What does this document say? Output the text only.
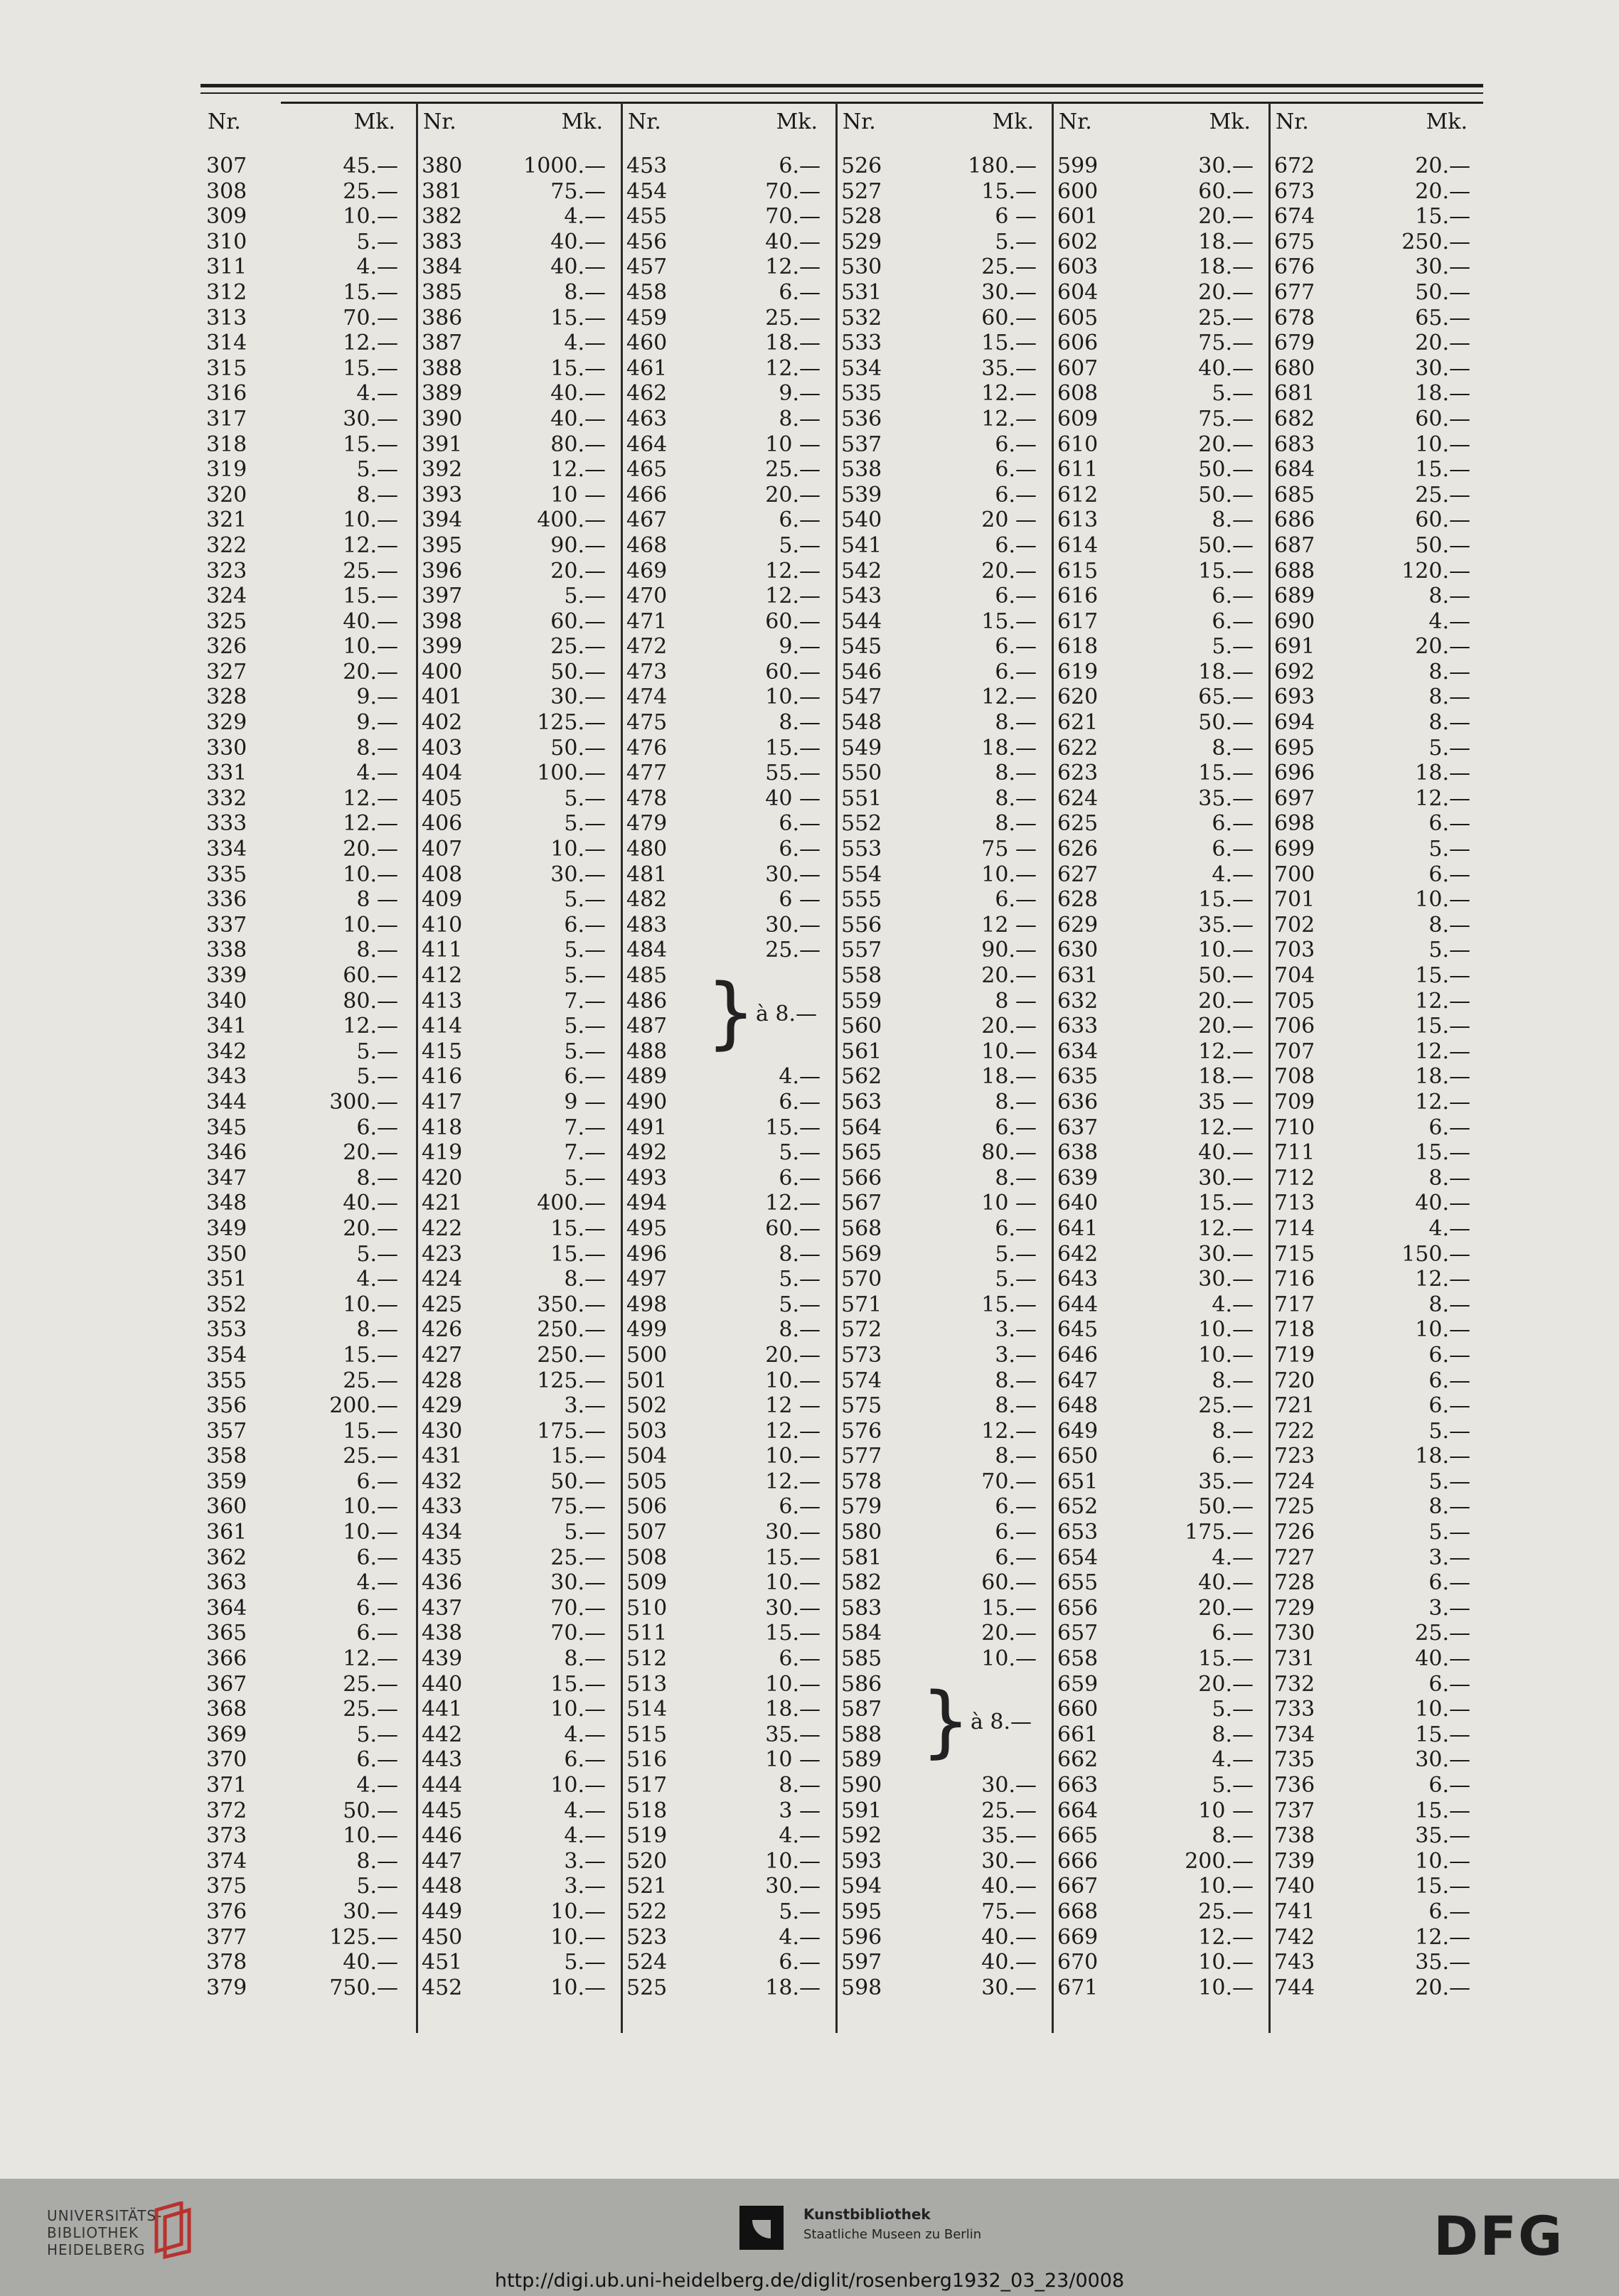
Nr.	Mk.
307	45.—
308	25.—
309	10.—
310	5.—
311	4.—
312	15.—
313	70.—
314	12.—
315	15.—
316	4.—
317	30.—
318	15.—
319	5.—
320	8.—
321	10.—
322	12.—
323	25.—
324	15.—
325	40.—
326	10.—
327	20.—
328	9.—
329	9.—
330	8.—
331	4.—
332	12.—
333	12.—
334	20.—
335	10.—
336	8 —
337	10.—
338	8.—
339	60.—
340	80.—
341	12.—
342	5.—
343	5.—
344	300.—
345	6.—
346	20.—
347	8.—
348	40.—
349	20.—
350	5.—
351	4.—
352	10.—
353	8.—
354	15.—
355	25.—
356	200.—
357	15.—
358	25.—
359	6.—
360	10.—
361	10.—
362	6.—
363	4.—
364	6.—
365	6.—
366	12.—
367	25.—
368	25.—
369	5.—
370	6.—
371	4.—
372	50.—
373	10.—
374	8.—
375	5.—
376	30.—
377	125.—
378	40.—
379	750.—
Nr.	Mk.
380	1000.—
381	75.—
382	4.—
383	40.—
384	40.—
385	8.—
386	15.—
387	4.—
388	15.—
389	40.—
390	40.—
391	80.—
392	12.—
393	10 —
394	400.—
395	90.—
396	20.—
397	5.—
398	60.—
399	25.—
400	50.—
401	30.—
402	125.—
403	50.—
404	100.—
405	5.—
406	5.—
407	10.—
408	30.—
409	5.—
410	6.—
411	5.—
412	5.—
413	7.—
414	5.—
415	5.—
416	6.—
417	9 —
418	7.—
419	7.—
420	5.—
421	400.—
422	15.—
423	15.—
424	8.—
425	350.—
426	250.—
427	250.—
428	125.—
429	3.—
430	175.—
431	15.—
432	50.—
433	75.—
434	5.—
435	25.—
436	30.—
437	70.—
438	70.—
439	8.—
440	15.—
441	10.—
442	4.—
443	6.—
444	10.—
445	4.—
446	4.—
447	3.—
448	3.—
449	10.—
450	10.—
451	5.—
452	10.—
Nr.	Mk.
453	6.—
454	70.—
455	70.—
456	40.—
457	12.—
458	6.—
459	25.—
460	18.—
461	12.—
462	9.—
463	8.—
464	10 —
465	25.—
466	20.—
467	6.—
468	5.—
469	12.—
470	12.—
471	60.—
472	9.—
473	60.—
474	10.—
475	8.—
476	15.—
477	55.—
478	40 —
479	6.—
480	6.—
481	30.—
482	6 —
483	30.—
484	25.—
485
486
487
488
489	4.—
490	6.—
491	15.—
492	5.—
493	6.—
494	12.—
495	60.—
496	8.—
497	5.—
498	5.—
499	8.—
500	20.—
501	10.—
502	12 —
503	12.—
504	10.—
505	12.—
506	6.—
507	30.—
508	15.—
509	10.—
510	30.—
511	15.—
512	6.—
513	10.—
514	18.—
515	35.—
516	10 —
517	8.—
518	3 —
519	4.—
520	10.—
521	30.—
522	5.—
523	4.—
524	6.—
525	18.—
} à 8.—
Nr.	Mk.
526	180.—
527	15.—
528	6 —
529	5.—
530	25.—
531	30.—
532	60.—
533	15.—
534	35.—
535	12.—
536	12.—
537	6.—
538	6.—
539	6.—
540	20 —
541	6.—
542	20.—
543	6.—
544	15.—
545	6.—
546	6.—
547	12.—
548	8.—
549	18.—
550	8.—
551	8.—
552	8.—
553	75 —
554	10.—
555	6.—
556	12 —
557	90.—
558	20.—
559	8 —
560	20.—
561	10.—
562	18.—
563	8.—
564	6.—
565	80.—
566	8.—
567	10 —
568	6.—
569	5.—
570	5.—
571	15.—
572	3.—
573	3.—
574	8.—
575	8.—
576	12.—
577	8.—
578	70.—
579	6.—
580	6.—
581	6.—
582	60.—
583	15.—
584	20.—
585	10.—
586
587
588
589
590	30.—
591	25.—
592	35.—
593	30.—
594	40.—
595	75.—
596	40.—
597	40.—
598	30.—
} à 8.—
Nr.	Mk.
599	30.—
600	60.—
601	20.—
602	18.—
603	18.—
604	20.—
605	25.—
606	75.—
607	40.—
608	5.—
609	75.—
610	20.—
611	50.—
612	50.—
613	8.—
614	50.—
615	15.—
616	6.—
617	6.—
618	5.—
619	18.—
620	65.—
621	50.—
622	8.—
623	15.—
624	35.—
625	6.—
626	6.—
627	4.—
628	15.—
629	35.—
630	10.—
631	50.—
632	20.—
633	20.—
634	12.—
635	18.—
636	35 —
637	12.—
638	40.—
639	30.—
640	15.—
641	12.—
642	30.—
643	30.—
644	4.—
645	10.—
646	10.—
647	8.—
648	25.—
649	8.—
650	6.—
651	35.—
652	50.—
653	175.—
654	4.—
655	40.—
656	20.—
657	6.—
658	15.—
659	20.—
660	5.—
661	8.—
662	4.—
663	5.—
664	10 —
665	8.—
666	200.—
667	10.—
668	25.—
669	12.—
670	10.—
671	10.—
Nr.	Mk.
672	20.—
673	20.—
674	15.—
675	250.—
676	30.—
677	50.—
678	65.—
679	20.—
680	30.—
681	18.—
682	60.—
683	10.—
684	15.—
685	25.—
686	60.—
687	50.—
688	120.—
689	8.—
690	4.—
691	20.—
692	8.—
693	8.—
694	8.—
695	5.—
696	18.—
697	12.—
698	6.—
699	5.—
700	6.—
701	10.—
702	8.—
703	5.—
704	15.—
705	12.—
706	15.—
707	12.—
708	18.—
709	12.—
710	6.—
711	15.—
712	8.—
713	40.—
714	4.—
715	150.—
716	12.—
717	8.—
718	10.—
719	6.—
720	6.—
721	6.—
722	5.—
723	18.—
724	5.—
725	8.—
726	5.—
727	3.—
728	6.—
729	3.—
730	25.—
731	40.—
732	6.—
733	10.—
734	15.—
735	30.—
736	6.—
737	15.—
738	35.—
739	10.—
740	15.—
741	6.—
742	12.—
743	35.—
744	20.—
UNIVERSITÄTS-
BIBLIOTHEK
HEIDELBERG
Kunstbibliothek
Staatliche Museen zu Berlin	DFG
http://digi.ub.uni-heidelberg.de/diglit/rosenberg1932_03_23/0008
